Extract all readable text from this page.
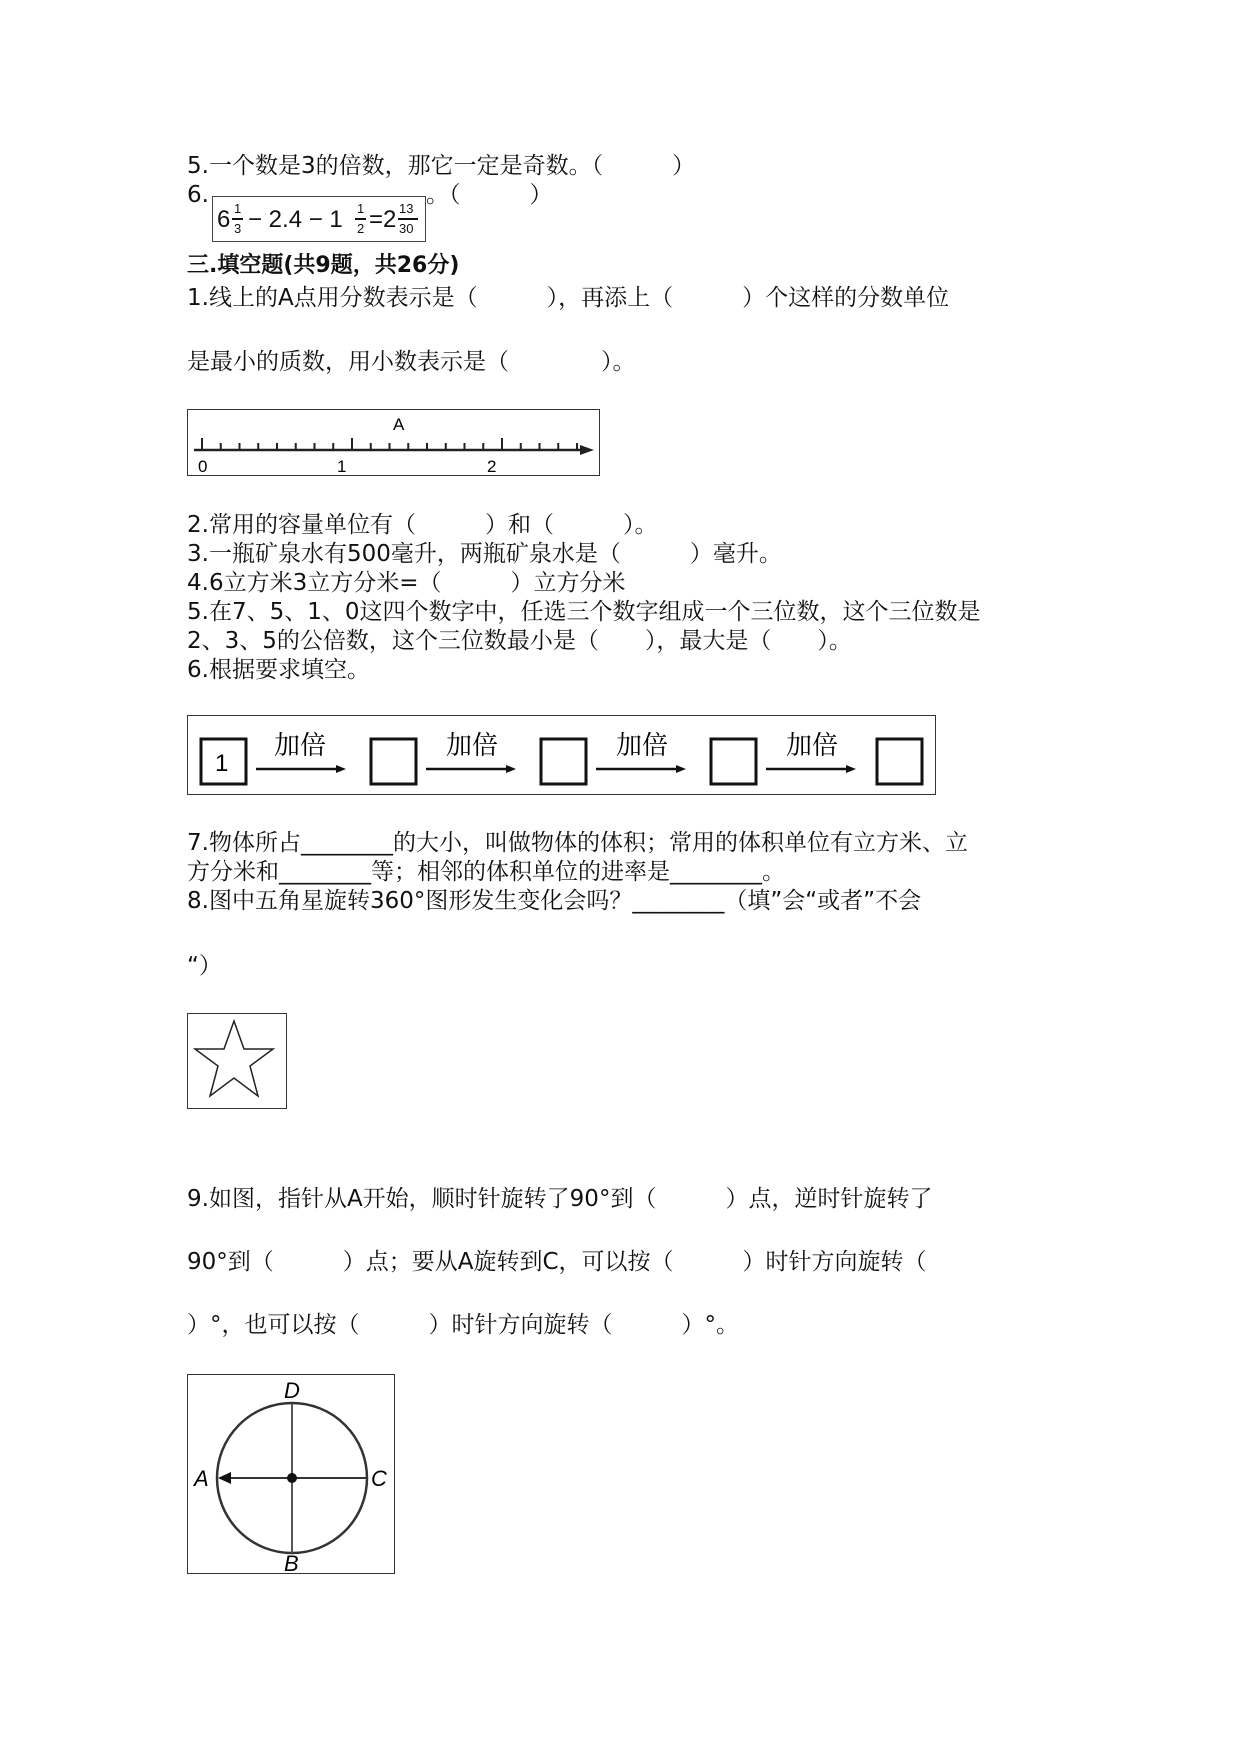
5.一个数是3的倍数，那它一定是奇数。（　　　）
6.
6 1
3 − 2.4 − 1 1
2 =2 13
30
。（　　　）
三.填空题(共9题，共26分)
1.线上的A点用分数表示是（　　　），再添上（　　　）个这样的分数单位
是最小的质数，用小数表示是（　　　　）。
A
0	1	2
2.常用的容量单位有（　　　）和（　　　）。
3.一瓶矿泉水有500毫升，两瓶矿泉水是（　　　）毫升。
4.6立方米3立方分米=（　　　）立方分米
5.在7、5、1、0这四个数字中，任选三个数字组成一个三位数，这个三位数是
2、3、5的公倍数，这个三位数最小是（　　），最大是（　　）。
6.根据要求填空。
1
加倍	加倍	加倍	加倍
7.物体所占________的大小，叫做物体的体积；常用的体积单位有立方米、立
方分米和________等；相邻的体积单位的进率是________。
8.图中五角星旋转360°图形发生变化会吗？________（填”会“或者”不会
“）
9.如图，指针从A开始，顺时针旋转了90°到（　　　）点，逆时针旋转了
90°到（　　　）点；要从A旋转到C，可以按（　　　）时针方向旋转（
）°，也可以按（　　　）时针方向旋转（　　　）°。
D
A	C
B
